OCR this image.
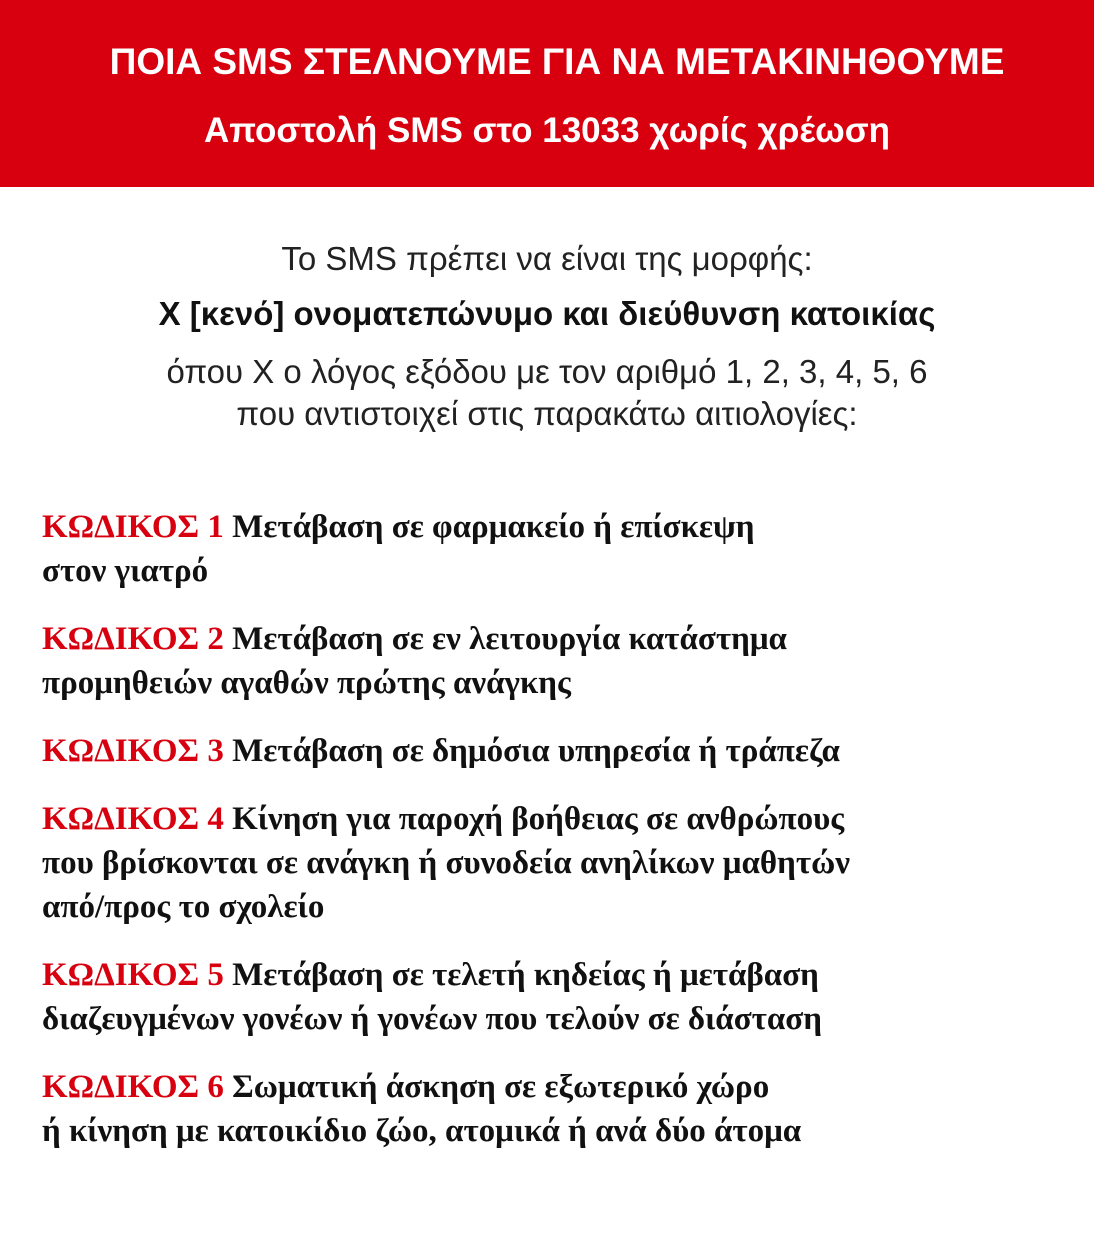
ΠΟΙΑ SMS ΣΤΕΛΝΟΥΜΕ ΓΙΑ ΝΑ ΜΕΤΑΚΙΝΗΘΟΥΜΕ
Αποστολή SMS στο 13033 χωρίς χρέωση
Το SMS πρέπει να είναι της μορφής:
Χ [κενό] ονοματεπώνυμο και διεύθυνση κατοικίας
όπου Χ ο λόγος εξόδου με τον αριθμό 1, 2, 3, 4, 5, 6
που αντιστοιχεί στις παρακάτω αιτιολογίες:
ΚΩΔΙΚΟΣ 1 Μετάβαση σε φαρμακείο ή επίσκεψη
στον γιατρό
ΚΩΔΙΚΟΣ 2 Μετάβαση σε εν λειτουργία κατάστημα
προμηθειών αγαθών πρώτης ανάγκης
ΚΩΔΙΚΟΣ 3 Μετάβαση σε δημόσια υπηρεσία ή τράπεζα
ΚΩΔΙΚΟΣ 4 Κίνηση για παροχή βοήθειας σε ανθρώπους
που βρίσκονται σε ανάγκη ή συνοδεία ανηλίκων μαθητών
από/προς το σχολείο
ΚΩΔΙΚΟΣ 5 Μετάβαση σε τελετή κηδείας ή μετάβαση
διαζευγμένων γονέων ή γονέων που τελούν σε διάσταση
ΚΩΔΙΚΟΣ 6 Σωματική άσκηση σε εξωτερικό χώρο
ή κίνηση με κατοικίδιο ζώο, ατομικά ή ανά δύο άτομα
